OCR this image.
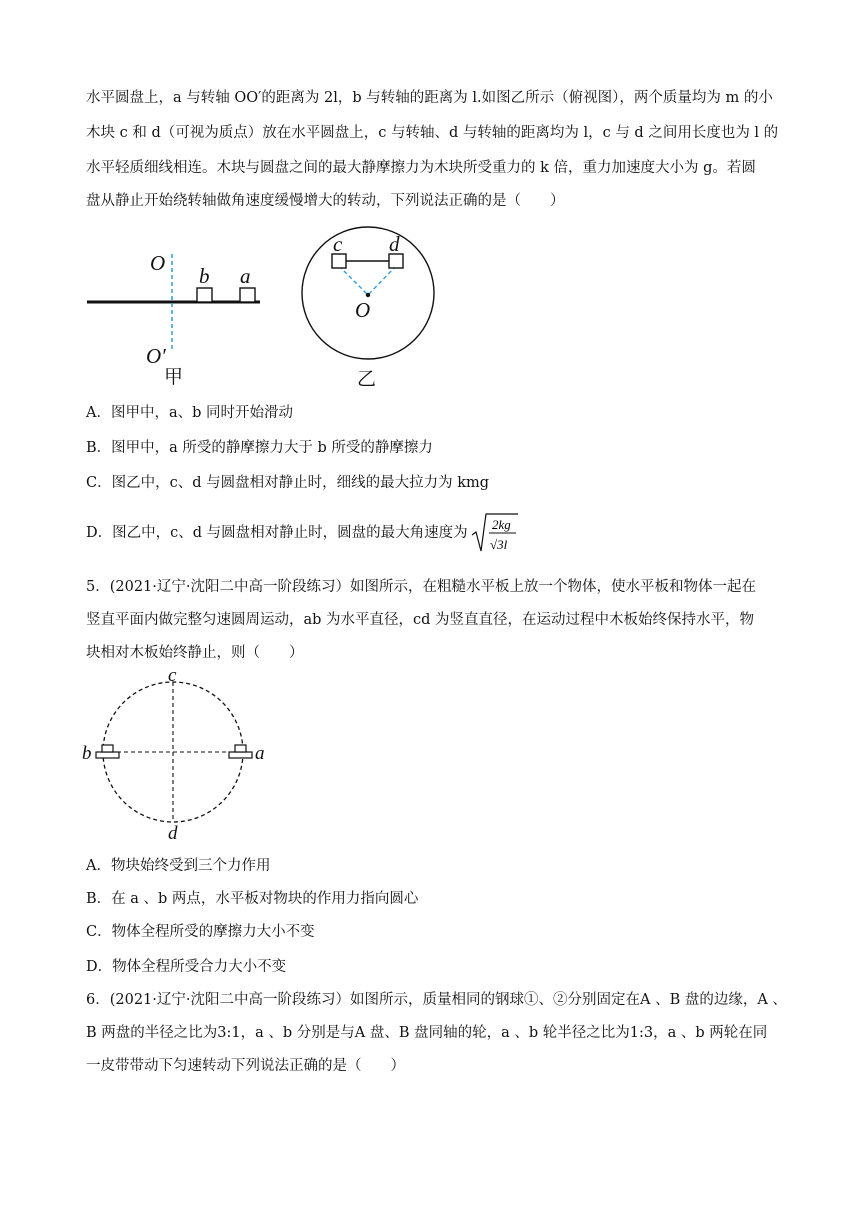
水平圆盘上，a 与转轴 OO′的距离为 2l，b 与转轴的距离为 l.如图乙所示（俯视图），两个质量均为 m 的小
木块 c 和 d（可视为质点）放在水平圆盘上，c 与转轴、d 与转轴的距离均为 l，c 与 d 之间用长度也为 l 的
水平轻质细线相连。木块与圆盘之间的最大静摩擦力为木块所受重力的 k 倍，重力加速度大小为 g。若圆
盘从静止开始绕转轴做角速度缓慢增大的转动，下列说法正确的是（　　）
O
b a
O′
甲
c d
O
乙
A．图甲中，a、b 同时开始滑动
B．图甲中，a 所受的静摩擦力大于 b 所受的静摩擦力
C．图乙中，c、d 与圆盘相对静止时，细线的最大拉力为 kmg
D．图乙中，c、d 与圆盘相对静止时，圆盘的最大角速度为
2kg
√3l
5．(2021·辽宁·沈阳二中高一阶段练习）如图所示，在粗糙水平板上放一个物体，使水平板和物体一起在
竖直平面内做完整匀速圆周运动，ab 为水平直径，cd 为竖直直径，在运动过程中木板始终保持水平，物
块相对木板始终静止，则（　　）
c
b	a
d
A．物块始终受到三个力作用
B．在 a 、b 两点，水平板对物块的作用力指向圆心
C．物体全程所受的摩擦力大小不变
D．物体全程所受合力大小不变
6．(2021·辽宁·沈阳二中高一阶段练习）如图所示，质量相同的钢球①、②分别固定在A 、B 盘的边缘，A 、
B 两盘的半径之比为3:1，a 、b 分别是与A 盘、B 盘同轴的轮，a 、b 轮半径之比为1:3，a 、b 两轮在同
一皮带带动下匀速转动下列说法正确的是（　　）
